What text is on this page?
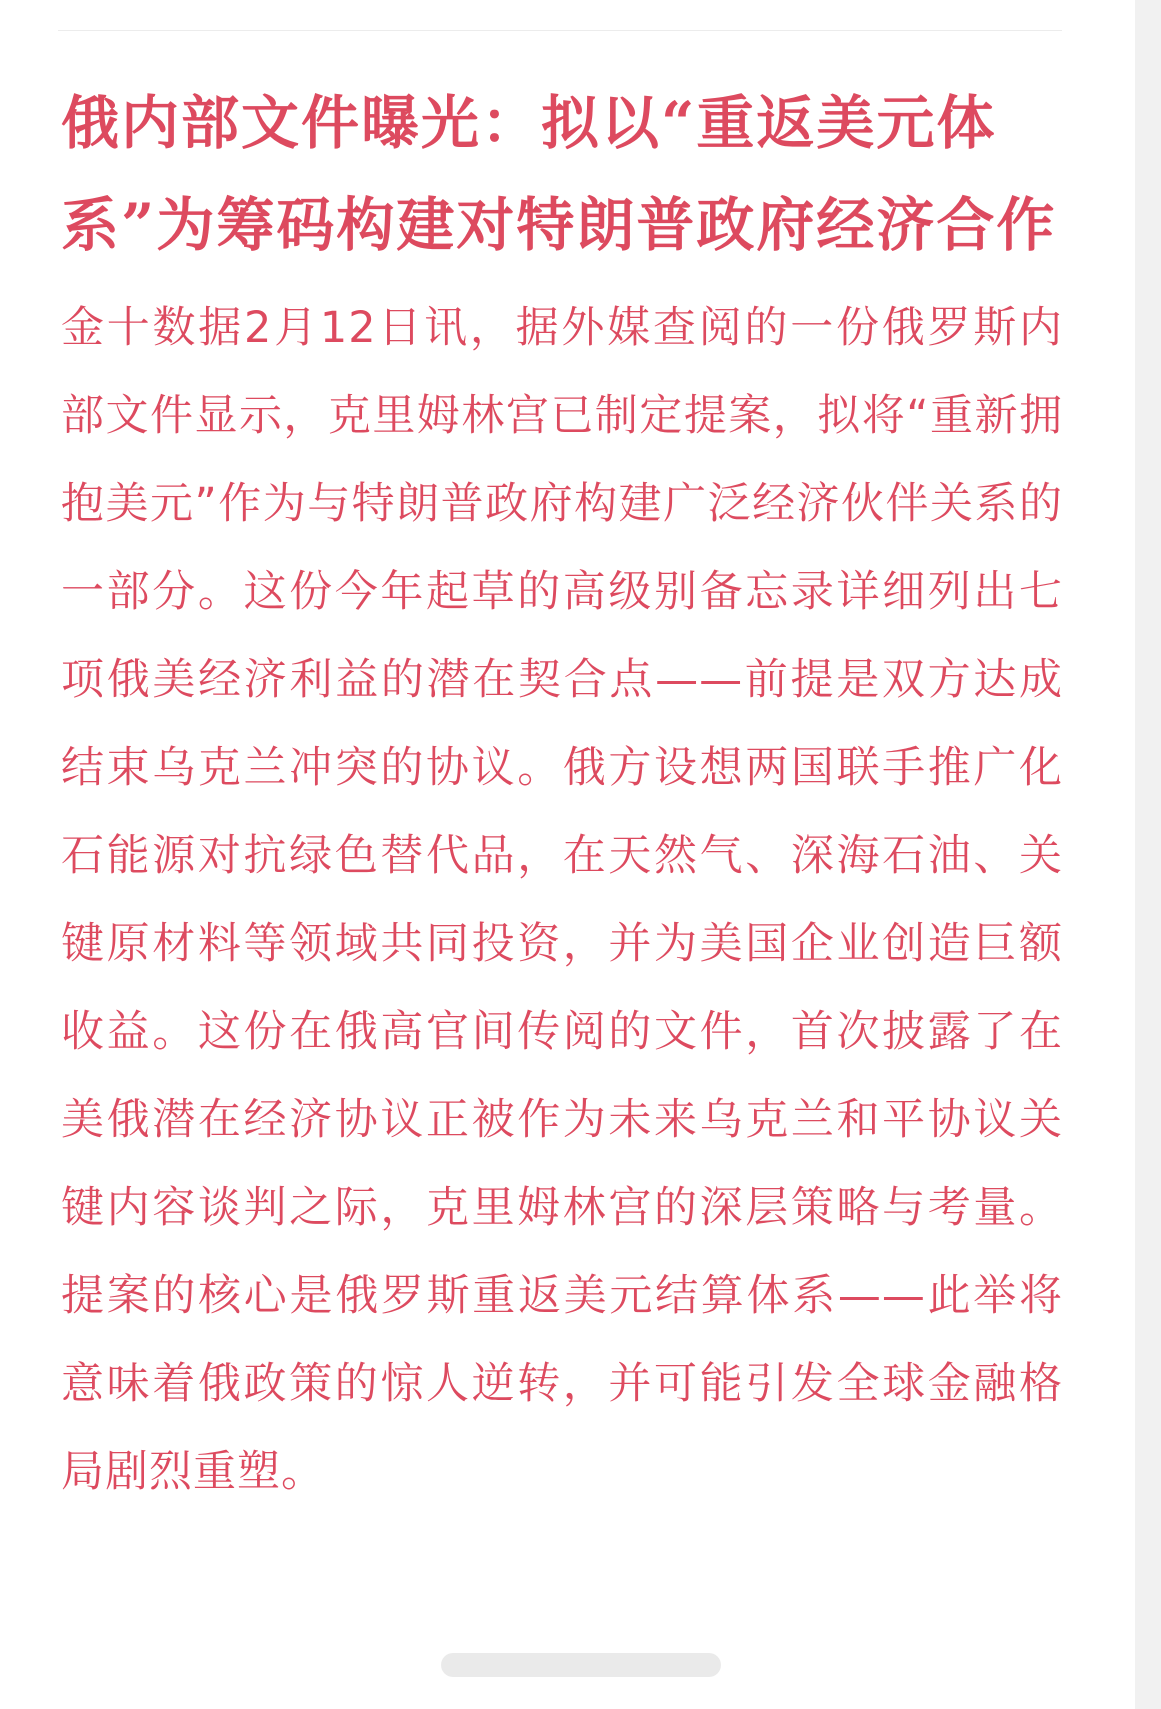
俄内部文件曝光：拟以“重返美元体系”为筹码构建对特朗普政府经济合作

金十数据2月12日讯，据外媒查阅的一份俄罗斯内部文件显示，克里姆林宫已制定提案，拟将“重新拥抱美元”作为与特朗普政府构建广泛经济伙伴关系的一部分。这份今年起草的高级别备忘录详细列出七项俄美经济利益的潜在契合点——前提是双方达成结束乌克兰冲突的协议。俄方设想两国联手推广化石能源对抗绿色替代品，在天然气、深海石油、关键原材料等领域共同投资，并为美国企业创造巨额收益。这份在俄高官间传阅的文件，首次披露了在美俄潜在经济协议正被作为未来乌克兰和平协议关键内容谈判之际，克里姆林宫的深层策略与考量。提案的核心是俄罗斯重返美元结算体系——此举将意味着俄政策的惊人逆转，并可能引发全球金融格局剧烈重塑。
